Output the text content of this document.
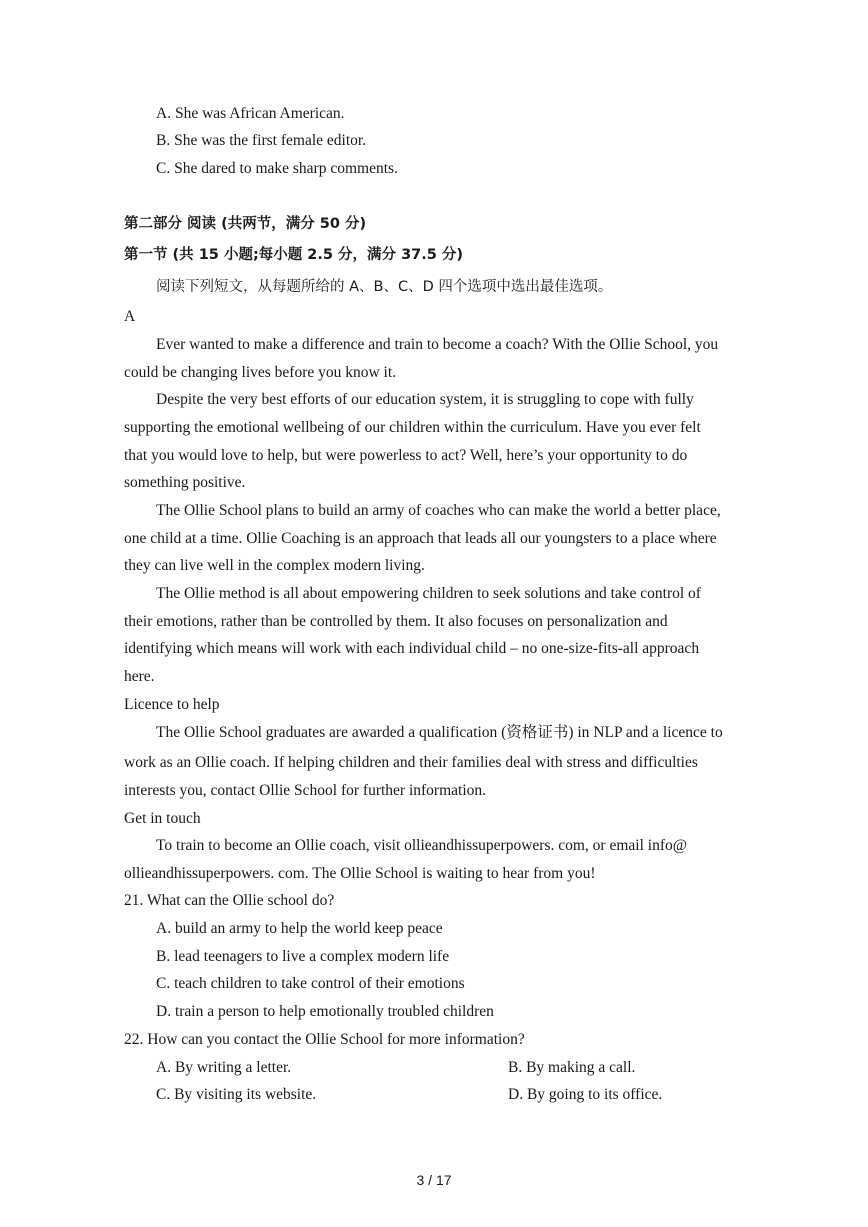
A. She was African American.
B. She was the first female editor.
C. She dared to make sharp comments.
第二部分 阅读 (共两节，满分 50 分)
第一节 (共 15 小题;每小题 2.5 分，满分 37.5 分)
阅读下列短文，从每题所给的 A、B、C、D 四个选项中选出最佳选项。
A
Ever wanted to make a difference and train to become a coach? With the Ollie School, you
could be changing lives before you know it.
Despite the very best efforts of our education system, it is struggling to cope with fully
supporting the emotional wellbeing of our children within the curriculum. Have you ever felt
that you would love to help, but were powerless to act? Well, here’s your opportunity to do
something positive.
The Ollie School plans to build an army of coaches who can make the world a better place,
one child at a time. Ollie Coaching is an approach that leads all our youngsters to a place where
they can live well in the complex modern living.
The Ollie method is all about empowering children to seek solutions and take control of
their emotions, rather than be controlled by them. It also focuses on personalization and
identifying which means will work with each individual child – no one-size-fits-all approach
here.
Licence to help
The Ollie School graduates are awarded a qualification (资格证书) in NLP and a licence to
work as an Ollie coach. If helping children and their families deal with stress and difficulties
interests you, contact Ollie School for further information.
Get in touch
To train to become an Ollie coach, visit ollieandhissuperpowers. com, or email info@
ollieandhissuperpowers. com. The Ollie School is waiting to hear from you!
21. What can the Ollie school do?
A. build an army to help the world keep peace
B. lead teenagers to live a complex modern life
C. teach children to take control of their emotions
D. train a person to help emotionally troubled children
22. How can you contact the Ollie School for more information?
A. By writing a letter.	B. By making a call.
C. By visiting its website.	D. By going to its office.
3 / 17
